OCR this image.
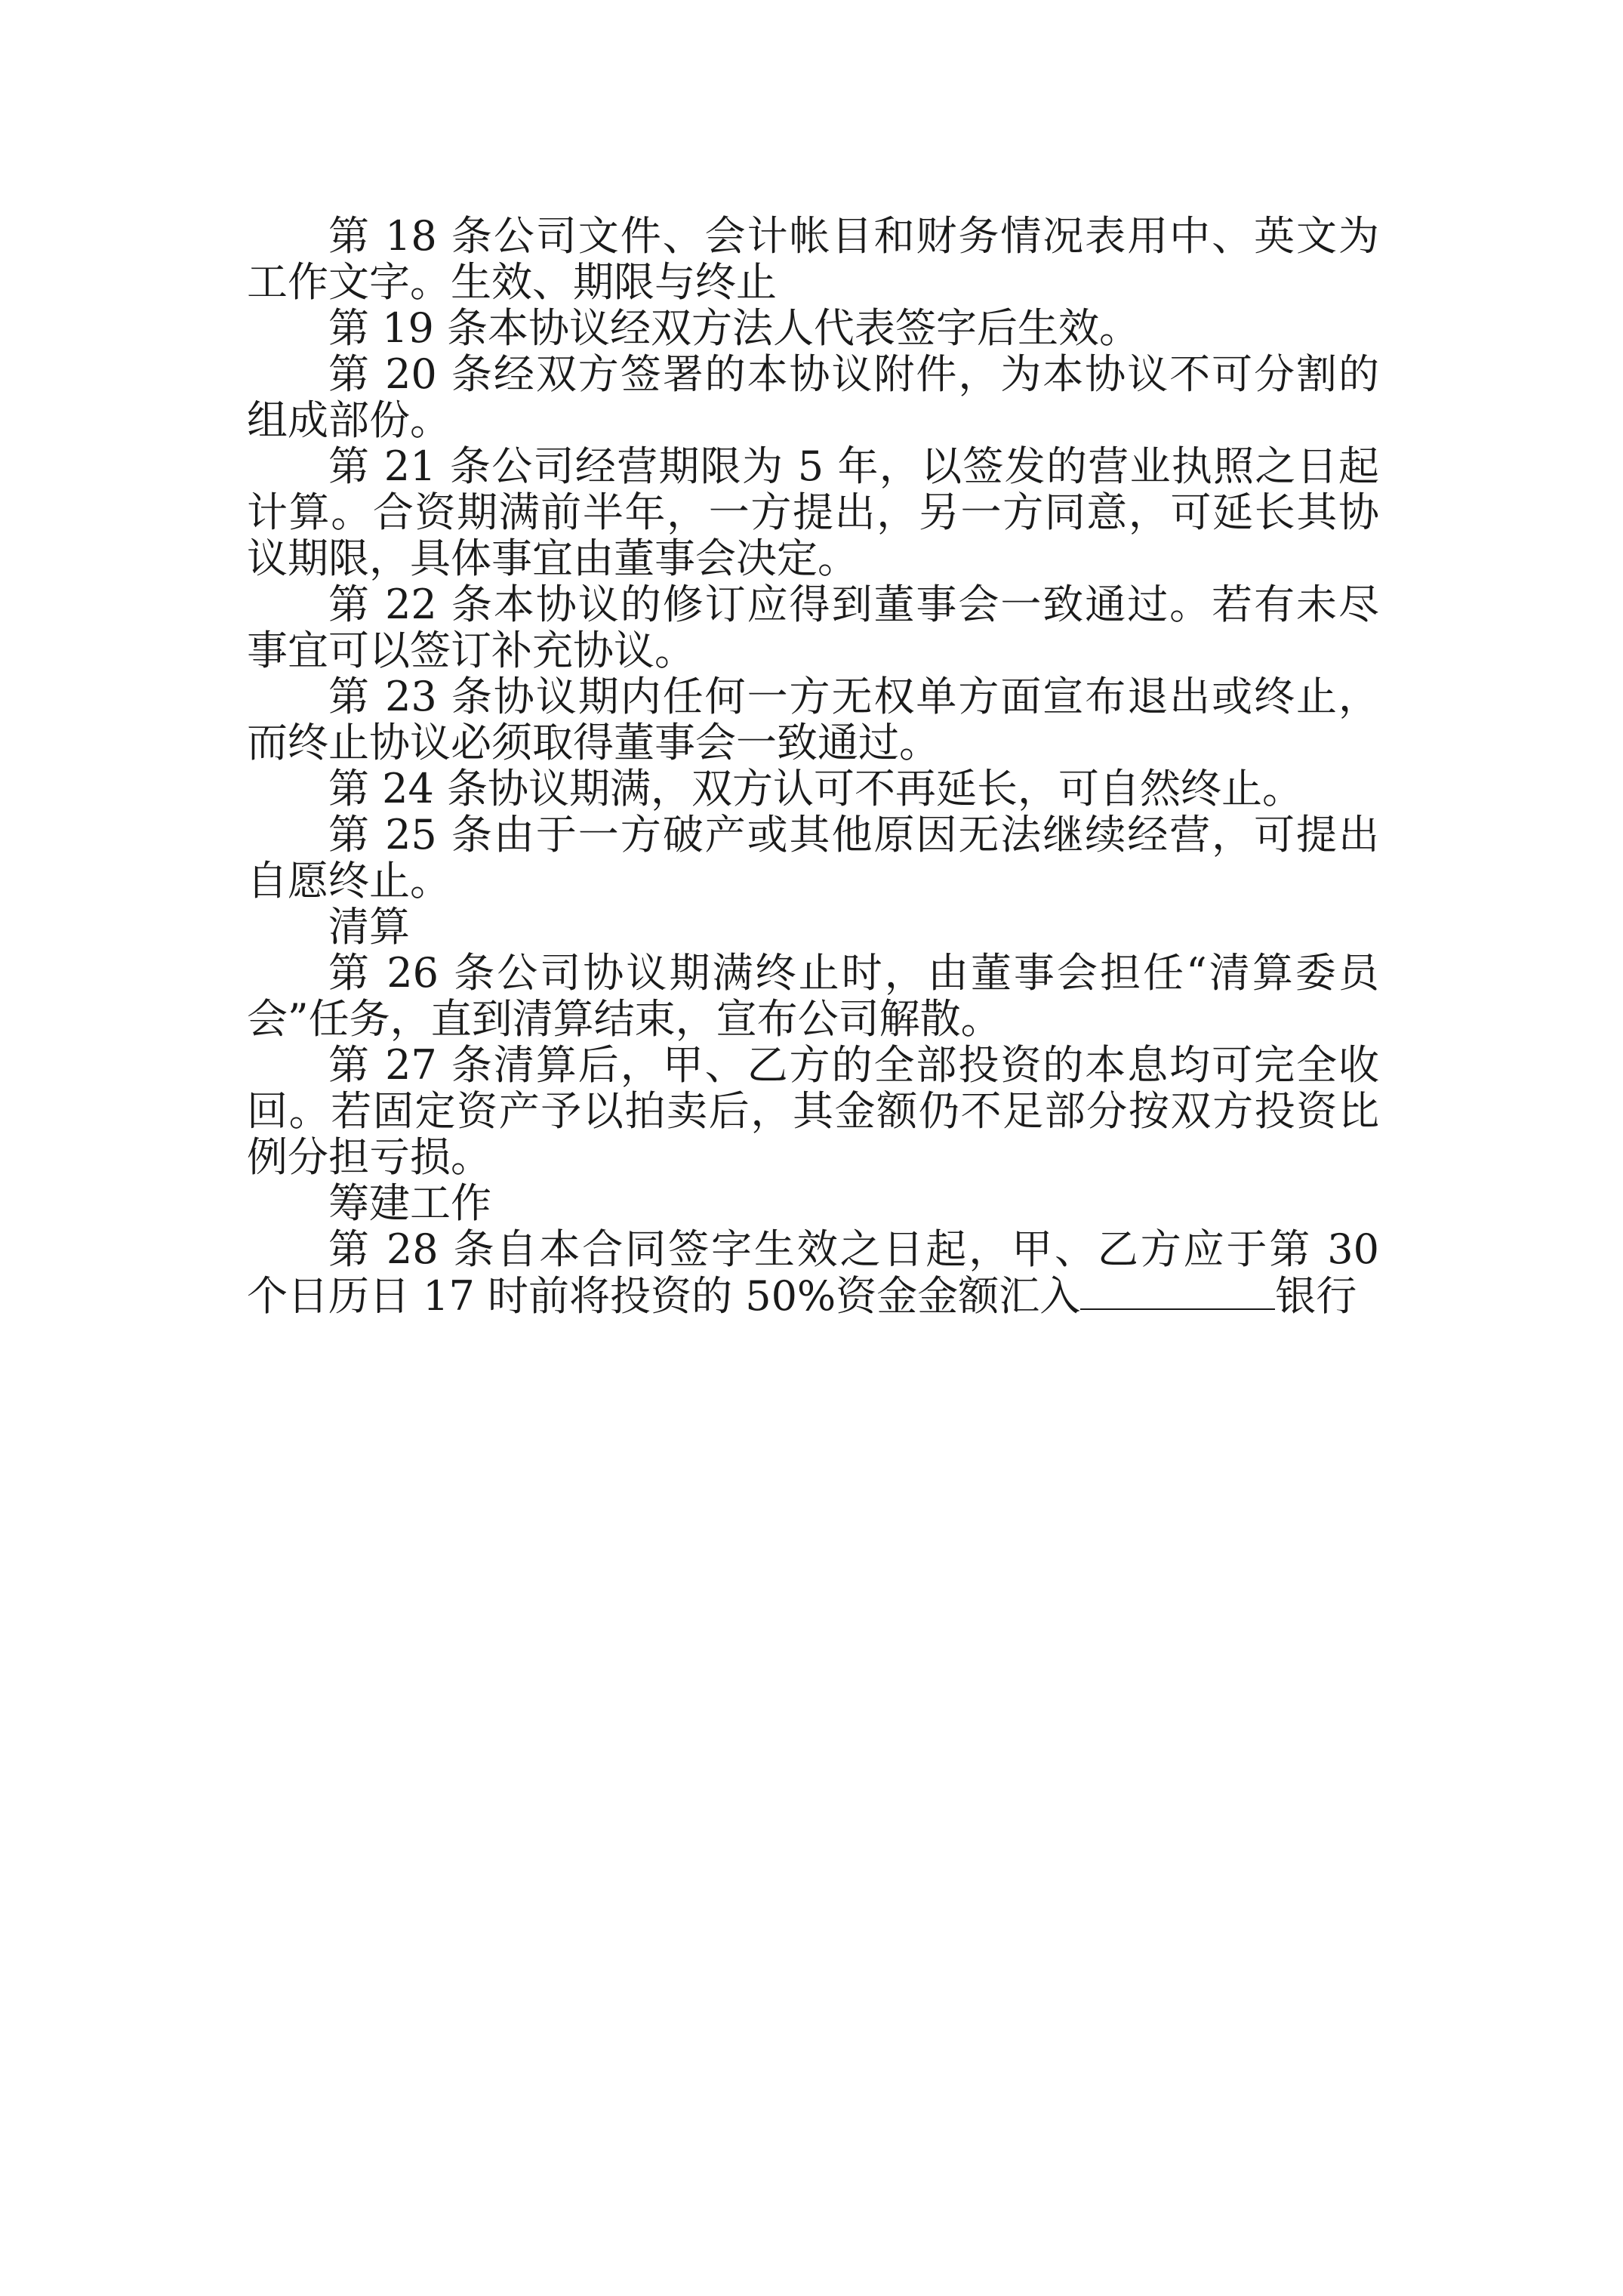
第 18 条公司文件、会计帐目和财务情况表用中、英文为工作文字。生效、期限与终止

第 19 条本协议经双方法人代表签字后生效。

第 20 条经双方签署的本协议附件，为本协议不可分割的组成部份。

第 21 条公司经营期限为 5 年，以签发的营业执照之日起计算。合资期满前半年，一方提出，另一方同意，可延长其协议期限，具体事宜由董事会决定。

第 22 条本协议的修订应得到董事会一致通过。若有未尽事宜可以签订补充协议。

第 23 条协议期内任何一方无权单方面宣布退出或终止，而终止协议必须取得董事会一致通过。

第 24 条协议期满，双方认可不再延长，可自然终止。

第 25 条由于一方破产或其他原因无法继续经营，可提出自愿终止。

清算

第 26 条公司协议期满终止时，由董事会担任“清算委员会”任务，直到清算结束，宣布公司解散。

第 27 条清算后，甲、乙方的全部投资的本息均可完全收回。若固定资产予以拍卖后，其金额仍不足部分按双方投资比例分担亏损。

筹建工作

第 28 条自本合同签字生效之日起，甲、乙方应于第 30 个日历日 17 时前将投资的 50%资金金额汇入	银行
